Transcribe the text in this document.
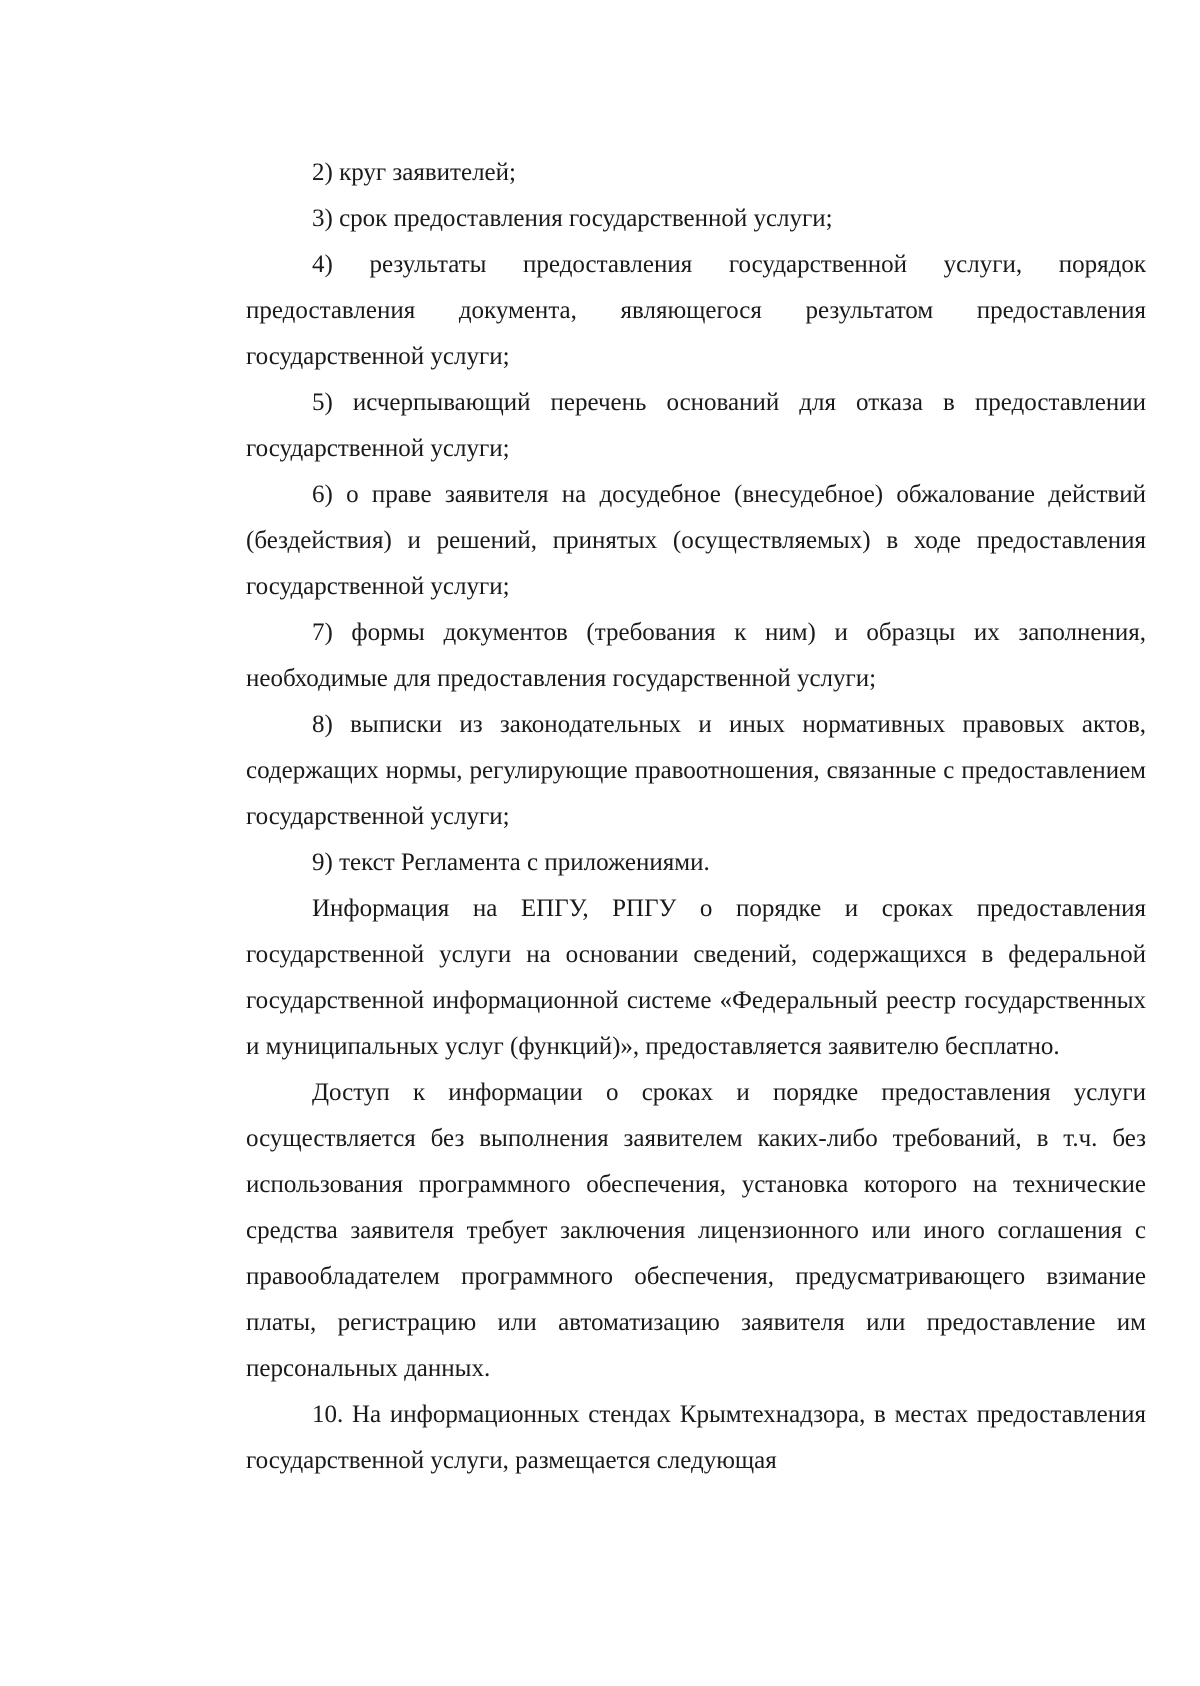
2) круг заявителей;

3) срок предоставления государственной услуги;

4) результаты предоставления государственной услуги, порядок предоставления документа, являющегося результатом предоставления государственной услуги;

5) исчерпывающий перечень оснований для отказа в предоставлении государственной услуги;

6) о праве заявителя на досудебное (внесудебное) обжалование действий (бездействия) и решений, принятых (осуществляемых) в ходе предоставления государственной услуги;

7) формы документов (требования к ним) и образцы их заполнения, необходимые для предоставления государственной услуги;

8) выписки из законодательных и иных нормативных правовых актов, содержащих нормы, регулирующие правоотношения, связанные с предоставлением государственной услуги;

9) текст Регламента с приложениями.

Информация на ЕПГУ, РПГУ о порядке и сроках предоставления государственной услуги на основании сведений, содержащихся в федеральной государственной информационной системе «Федеральный реестр государственных и муниципальных услуг (функций)», предоставляется заявителю бесплатно.

Доступ к информации о сроках и порядке предоставления услуги осуществляется без выполнения заявителем каких-либо требований, в т.ч. без использования программного обеспечения, установка которого на технические средства заявителя требует заключения лицензионного или иного соглашения с правообладателем программного обеспечения, предусматривающего взимание платы, регистрацию или автоматизацию заявителя или предоставление им персональных данных.

10. На информационных стендах Крымтехнадзора, в местах предоставления государственной услуги, размещается следующая
